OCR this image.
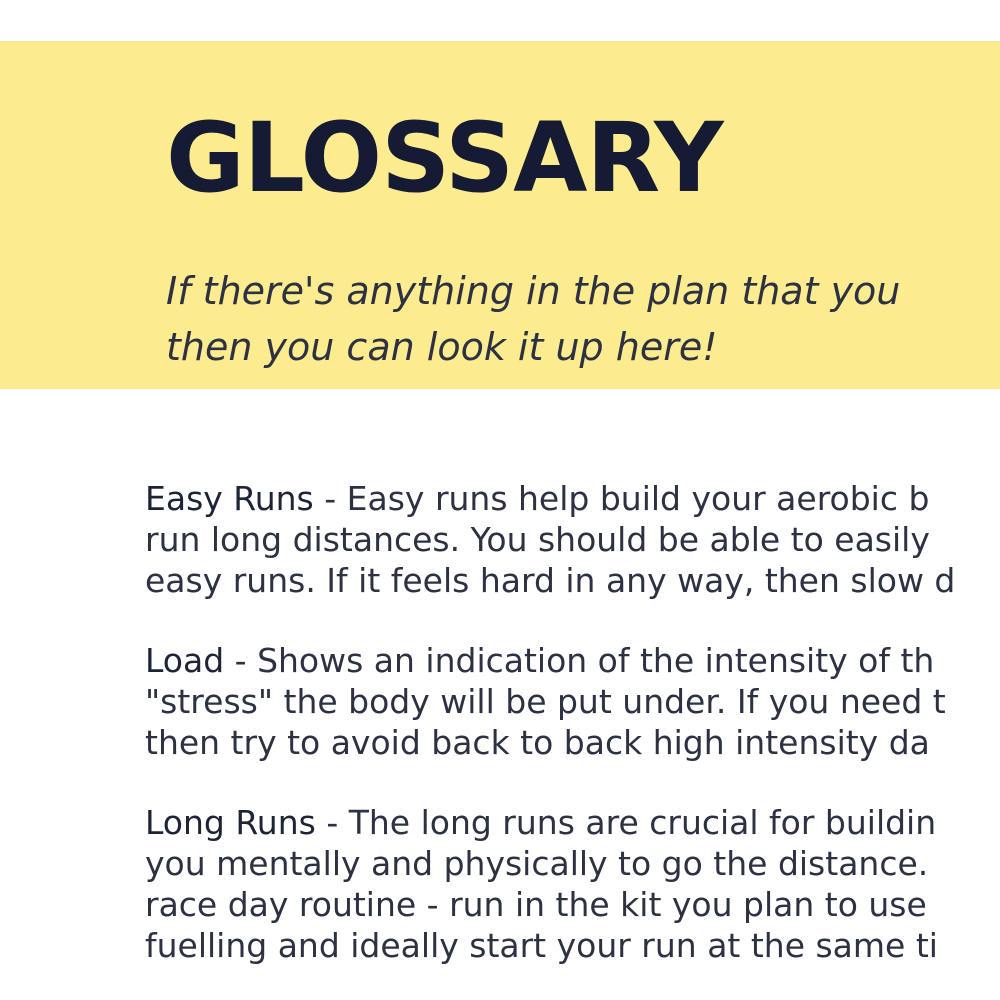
GLOSSARY
If there's anything in the plan that you
then you can look it up here!

Easy Runs - Easy runs help build your aerobic b
run long distances. You should be able to easily
easy runs. If it feels hard in any way, then slow d

Load - Shows an indication of the intensity of th
"stress" the body will be put under. If you need t
then try to avoid back to back high intensity da

Long Runs - The long runs are crucial for buildin
you mentally and physically to go the distance.
race day routine - run in the kit you plan to use
fuelling and ideally start your run at the same ti
